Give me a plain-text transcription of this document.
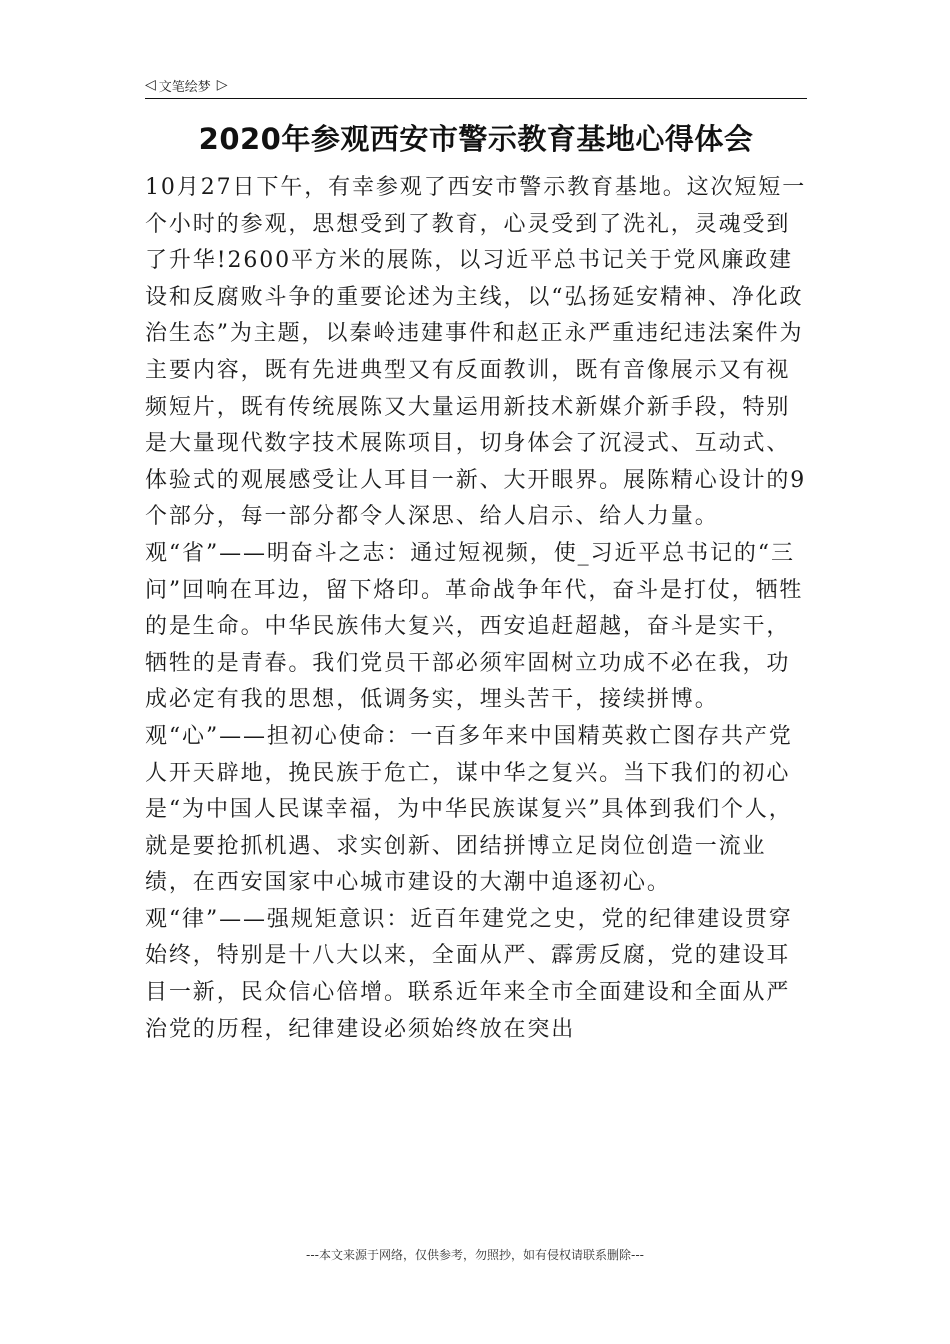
◁ 文笔绘梦 ▷
2020年参观西安市警示教育基地心得体会

10月27日下午，有幸参观了西安市警示教育基地。这次短短一个小时的参观，思想受到了教育，心灵受到了洗礼，灵魂受到了升华!2600平方米的展陈，以习近平总书记关于党风廉政建设和反腐败斗争的重要论述为主线，以“弘扬延安精神、净化政治生态”为主题，以秦岭违建事件和赵正永严重违纪违法案件为主要内容，既有先进典型又有反面教训，既有音像展示又有视频短片，既有传统展陈又大量运用新技术新媒介新手段，特别是大量现代数字技术展陈项目，切身体会了沉浸式、互动式、体验式的观展感受让人耳目一新、大开眼界。展陈精心设计的9个部分，每一部分都令人深思、给人启示、给人力量。

观“省”——明奋斗之志：通过短视频，使_习近平总书记的“三问”回响在耳边，留下烙印。革命战争年代，奋斗是打仗，牺牲的是生命。中华民族伟大复兴，西安追赶超越，奋斗是实干，牺牲的是青春。我们党员干部必须牢固树立功成不必在我，功成必定有我的思想，低调务实，埋头苦干，接续拼博。

观“心”——担初心使命：一百多年来中国精英救亡图存共产党人开天辟地，挽民族于危亡，谋中华之复兴。当下我们的初心是“为中国人民谋幸福，为中华民族谋复兴”具体到我们个人，就是要抢抓机遇、求实创新、团结拼博立足岗位创造一流业绩，在西安国家中心城市建设的大潮中追逐初心。

观“律”——强规矩意识：近百年建党之史，党的纪律建设贯穿始终，特别是十八大以来，全面从严、霹雳反腐，党的建设耳目一新，民众信心倍增。联系近年来全市全面建设和全面从严治党的历程，纪律建设必须始终放在突出

---本文来源于网络，仅供参考，勿照抄，如有侵权请联系删除---
